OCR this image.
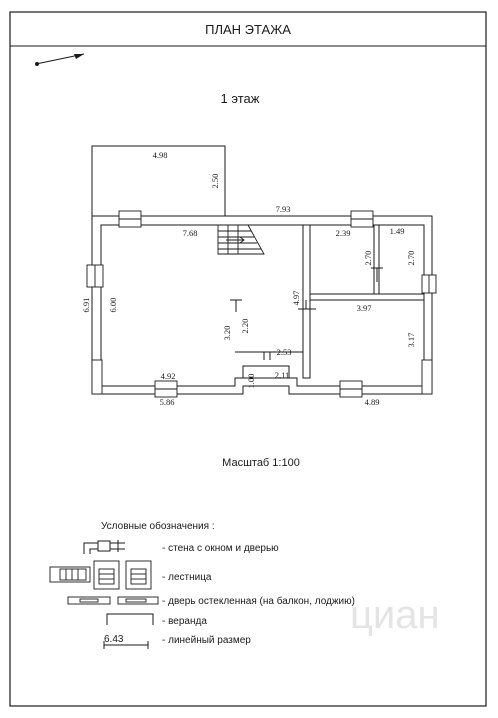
ПЛАН ЭТАЖА
1 этаж
циан
4.98
2.50
7.93
7.68	2.39	1.49
2.70	2.70
6.91 6.00	4.97
3.97
3.17
3.20 2.20
2.53
2.11
1.00
4.92
5.86	4.89
Масштаб 1:100
Условные обозначения :
- стена с окном и дверью
- лестница
- дверь остекленная (на балкон, лоджию)
- веранда
6.43	- линейный размер
